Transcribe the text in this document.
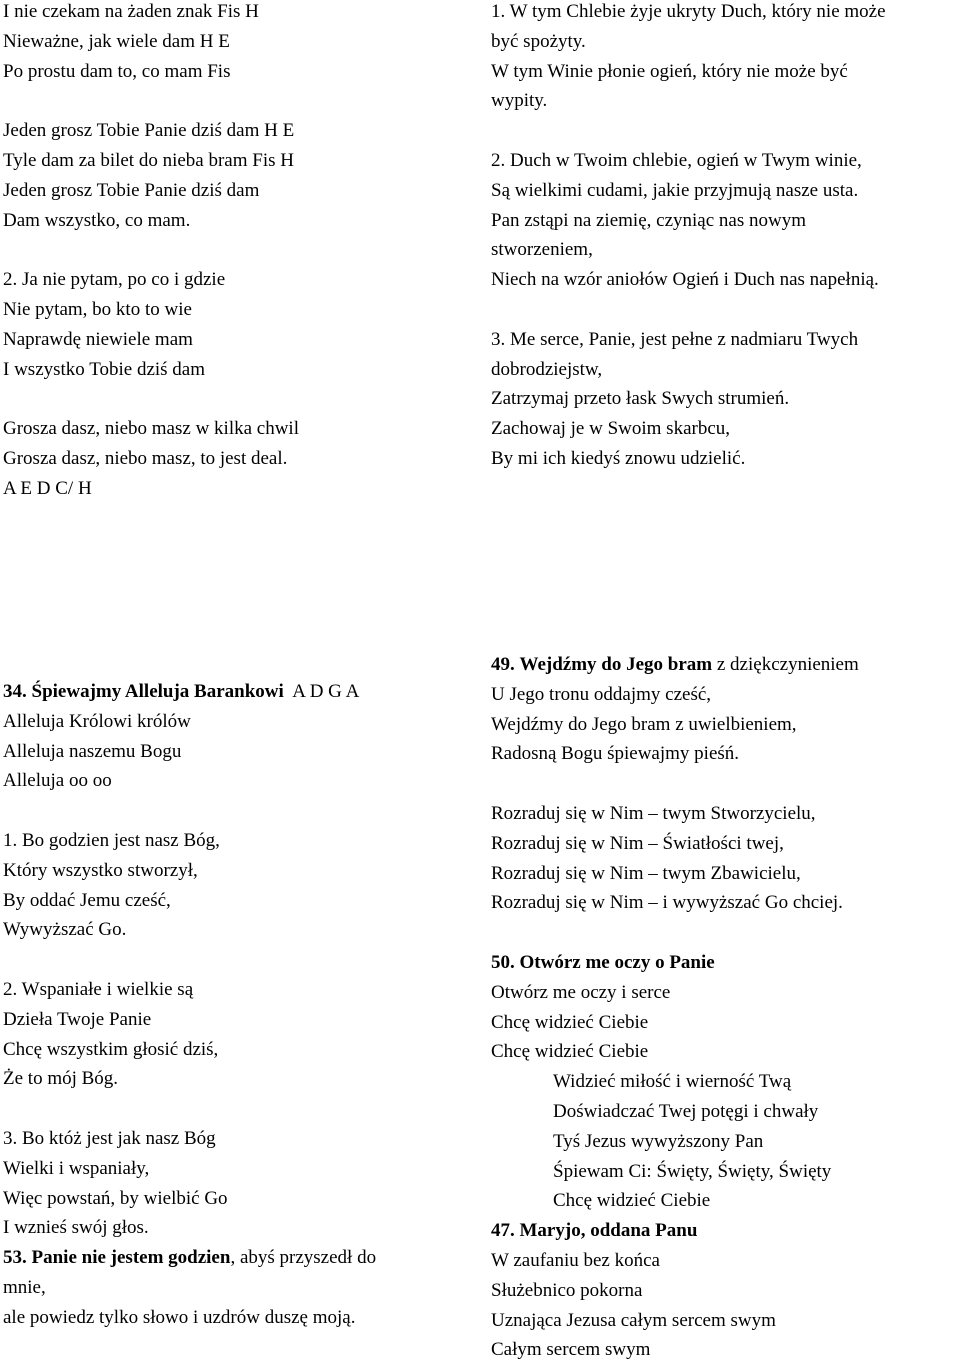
I nie czekam na żaden znak Fis H
Nieważne, jak wiele dam H E
Po prostu dam to, co mam Fis
Jeden grosz Tobie Panie dziś dam H E
Tyle dam za bilet do nieba bram Fis H
Jeden grosz Tobie Panie dziś dam
Dam wszystko, co mam.
2. Ja nie pytam, po co i gdzie
Nie pytam, bo kto to wie
Naprawdę niewiele mam
I wszystko Tobie dziś dam
Grosza dasz, niebo masz w kilka chwil
Grosza dasz, niebo masz, to jest deal.
A E D C/ H
1. W tym Chlebie żyje ukryty Duch, który nie może
być spożyty.
W tym Winie płonie ogień, który nie może być
wypity.
2. Duch w Twoim chlebie, ogień w Twym winie,
Są wielkimi cudami, jakie przyjmują nasze usta.
Pan zstąpi na ziemię, czyniąc nas nowym
stworzeniem,
Niech na wzór aniołów Ogień i Duch nas napełnią.
3. Me serce, Panie, jest pełne z nadmiaru Twych
dobrodziejstw,
Zatrzymaj przeto łask Swych strumień.
Zachowaj je w Swoim skarbcu,
By mi ich kiedyś znowu udzielić.
34. Śpiewajmy Alleluja Barankowi A D G A
Alleluja Królowi królów
Alleluja naszemu Bogu
Alleluja oo oo
1. Bo godzien jest nasz Bóg,
Który wszystko stworzył,
By oddać Jemu cześć,
Wywyższać Go.
2. Wspaniałe i wielkie są
Dzieła Twoje Panie
Chcę wszystkim głosić dziś,
Że to mój Bóg.
3. Bo któż jest jak nasz Bóg
Wielki i wspaniały,
Więc powstań, by wielbić Go
I wznieś swój głos.
53. Panie nie jestem godzien, abyś przyszedł do
mnie,
ale powiedz tylko słowo i uzdrów duszę moją.
49. Wejdźmy do Jego bram z dziękczynieniem
U Jego tronu oddajmy cześć,
Wejdźmy do Jego bram z uwielbieniem,
Radosną Bogu śpiewajmy pieśń.
Rozraduj się w Nim – twym Stworzycielu,
Rozraduj się w Nim – Światłości twej,
Rozraduj się w Nim – twym Zbawicielu,
Rozraduj się w Nim – i wywyższać Go chciej.
50. Otwórz me oczy o Panie
Otwórz me oczy i serce
Chcę widzieć Ciebie
Chcę widzieć Ciebie
Widzieć miłość i wierność Twą
Doświadczać Twej potęgi i chwały
Tyś Jezus wywyższony Pan
Śpiewam Ci: Święty, Święty, Święty
Chcę widzieć Ciebie
47. Maryjo, oddana Panu
W zaufaniu bez końca
Służebnico pokorna
Uznająca Jezusa całym sercem swym
Całym sercem swym
